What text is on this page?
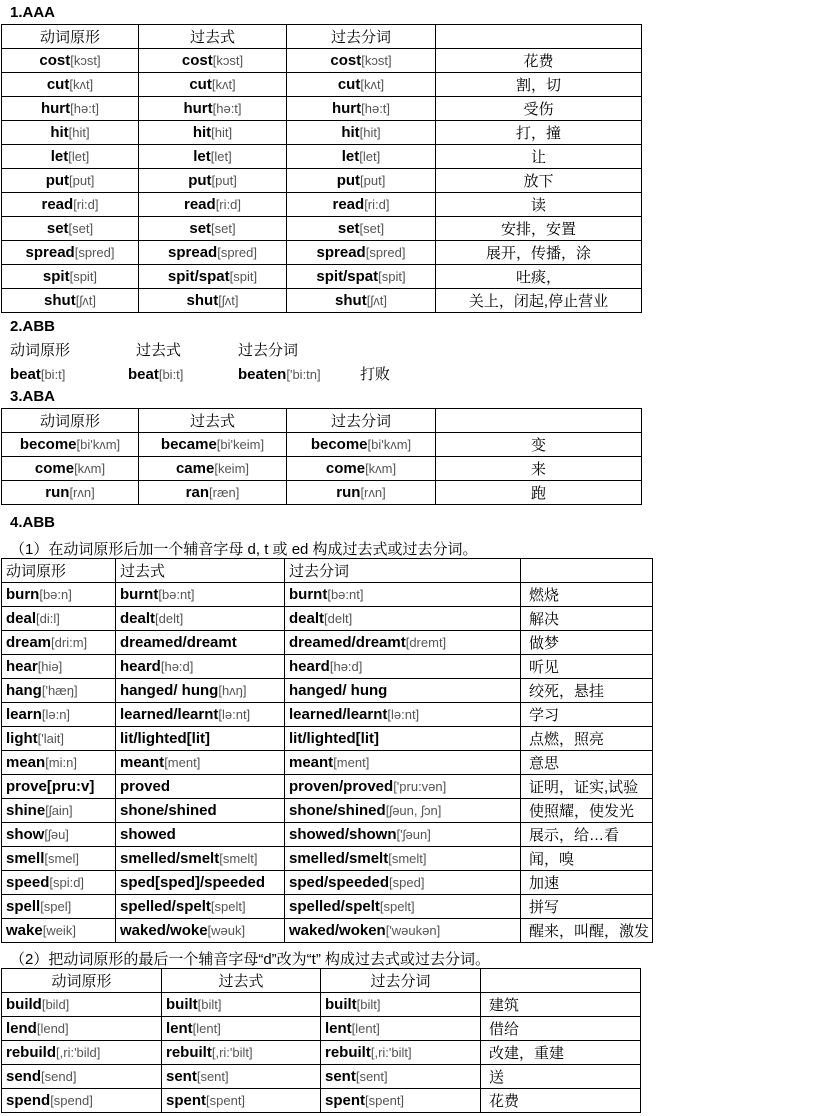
1.AAA
动词原形	过去式	过去分词	
cost[kɔst]	cost[kɔst]	cost[kɔst]	花费
cut[kʌt]	cut[kʌt]	cut[kʌt]	割，切
hurt[hə:t]	hurt[hə:t]	hurt[hə:t]	受伤
hit[hit]	hit[hit]	hit[hit]	打，撞
let[let]	let[let]	let[let]	让
put[put]	put[put]	put[put]	放下
read[ri:d]	read[ri:d]	read[ri:d]	读
set[set]	set[set]	set[set]	安排，安置
spread[spred]	spread[spred]	spread[spred]	展开，传播，涂
spit[spit]	spit/spat[spit]	spit/spat[spit]	吐痰，
shut[ʃʌt]	shut[ʃʌt]	shut[ʃʌt]	关上，闭起,停止营业
2.ABB
动词原形	过去式	过去分词
beat[bi:t]	beat[bi:t]	beaten['bi:tn]	打败
3.ABA
动词原形	过去式	过去分词	
become[bi'kʌm]	became[bi'keim]	become[bi'kʌm]	变
come[kʌm]	came[keim]	come[kʌm]	来
run[rʌn]	ran[ræn]	run[rʌn]	跑
4.ABB
（1）在动词原形后加一个辅音字母 d, t 或 ed 构成过去式或过去分词。
动词原形	过去式	过去分词	
burn[bə:n]	burnt[bə:nt]	burnt[bə:nt]	燃烧
deal[di:l]	dealt[delt]	dealt[delt]	解决
dream[dri:m]	dreamed/dreamt	dreamed/dreamt[dremt]	做梦
hear[hiə]	heard[hə:d]	heard[hə:d]	听见
hang['hæŋ]	hanged/ hung[hʌŋ]	hanged/ hung	绞死，悬挂
learn[lə:n]	learned/learnt[lə:nt]	learned/learnt[lə:nt]	学习
light['lait]	lit/lighted[lit]	lit/lighted[lit]	点燃，照亮
mean[mi:n]	meant[ment]	meant[ment]	意思
prove[pru:v]	proved	proven/proved['pru:vən]	证明，证实,试验
shine[ʃain]	shone/shined	shone/shined[ʃəun, ʃɔn]	使照耀，使发光
show[ʃəu]	showed	showed/shown['ʃəun]	展示，给…看
smell[smel]	smelled/smelt[smelt]	smelled/smelt[smelt]	闻，嗅
speed[spi:d]	sped[sped]/speeded	sped/speeded[sped]	加速
spell[spel]	spelled/spelt[spelt]	spelled/spelt[spelt]	拼写
wake[weik]	waked/woke[wəuk]	waked/woken['wəukən]	醒来，叫醒，激发
（2）把动词原形的最后一个辅音字母“d”改为“t” 构成过去式或过去分词。
动词原形	过去式	过去分词	
build[bild]	built[bilt]	built[bilt]	建筑
lend[lend]	lent[lent]	lent[lent]	借给
rebuild[,ri:'bild]	rebuilt[,ri:'bilt]	rebuilt[,ri:'bilt]	改建，重建
send[send]	sent[sent]	sent[sent]	送
spend[spend]	spent[spent]	spent[spent]	花费
